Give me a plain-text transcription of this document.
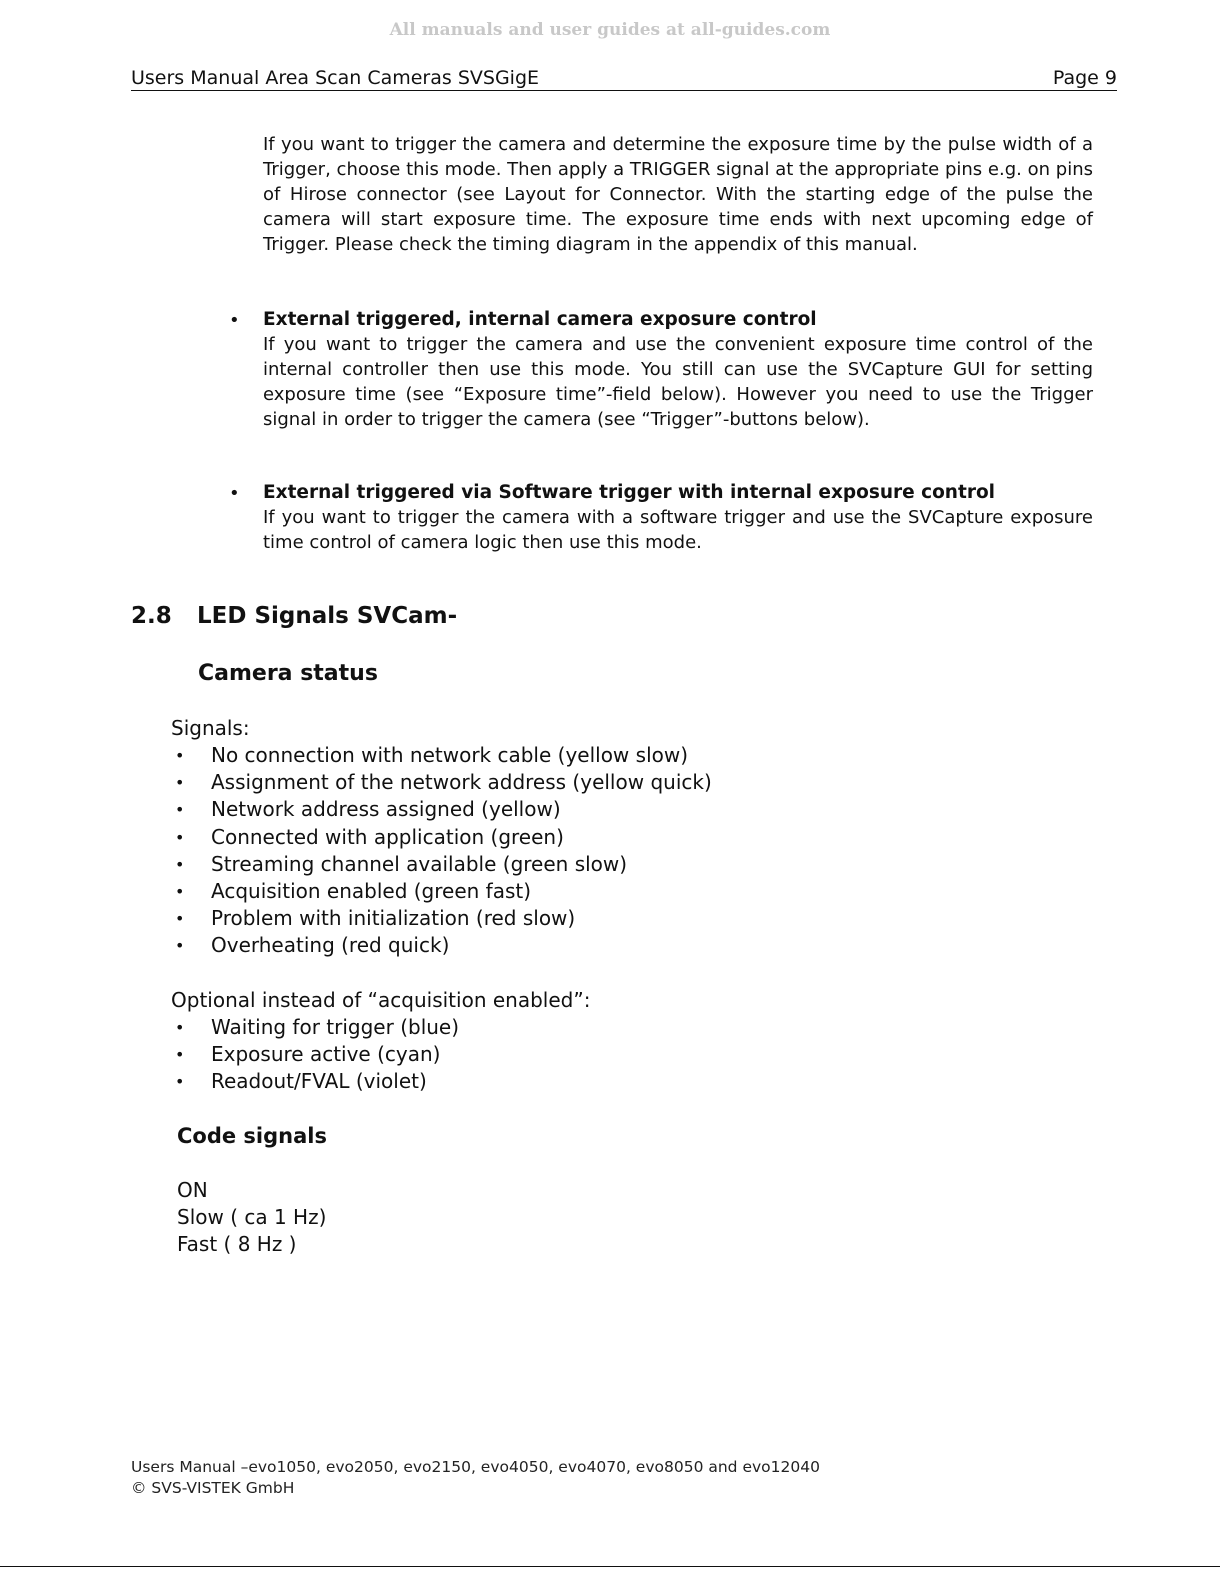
All manuals and user guides at all-guides.com
Users Manual Area Scan Cameras SVSGigE	Page 9

If you want to trigger the camera and determine the exposure time by the pulse width of a Trigger, choose this mode. Then apply a TRIGGER signal at the appropriate pins e.g. on pins of Hirose connector (see Layout for Connector. With the starting edge of the pulse the camera will start exposure time. The exposure time ends with next upcoming edge of Trigger. Please check the timing diagram in the appendix of this manual.

• External triggered, internal camera exposure control

If you want to trigger the camera and use the convenient exposure time control of the internal controller then use this mode. You still can use the SVCapture GUI for setting exposure time (see “Exposure time”-field below). However you need to use the Trigger signal in order to trigger the camera (see “Trigger”-buttons below).

• External triggered via Software trigger with internal exposure control

If you want to trigger the camera with a software trigger and use the SVCapture exposure time control of camera logic then use this mode.

2.8 LED Signals SVCam-
Camera status
Signals:
• No connection with network cable (yellow slow)
• Assignment of the network address (yellow quick)
• Network address assigned (yellow)
• Connected with application (green)
• Streaming channel available (green slow)
• Acquisition enabled (green fast)
• Problem with initialization (red slow)
• Overheating (red quick)
Optional instead of “acquisition enabled”:
• Waiting for trigger (blue)
• Exposure active (cyan)
• Readout/FVAL (violet)
Code signals
ON
Slow ( ca 1 Hz)
Fast ( 8 Hz )
Users Manual –evo1050, evo2050, evo2150, evo4050, evo4070, evo8050 and evo12040
© SVS-VISTEK GmbH
